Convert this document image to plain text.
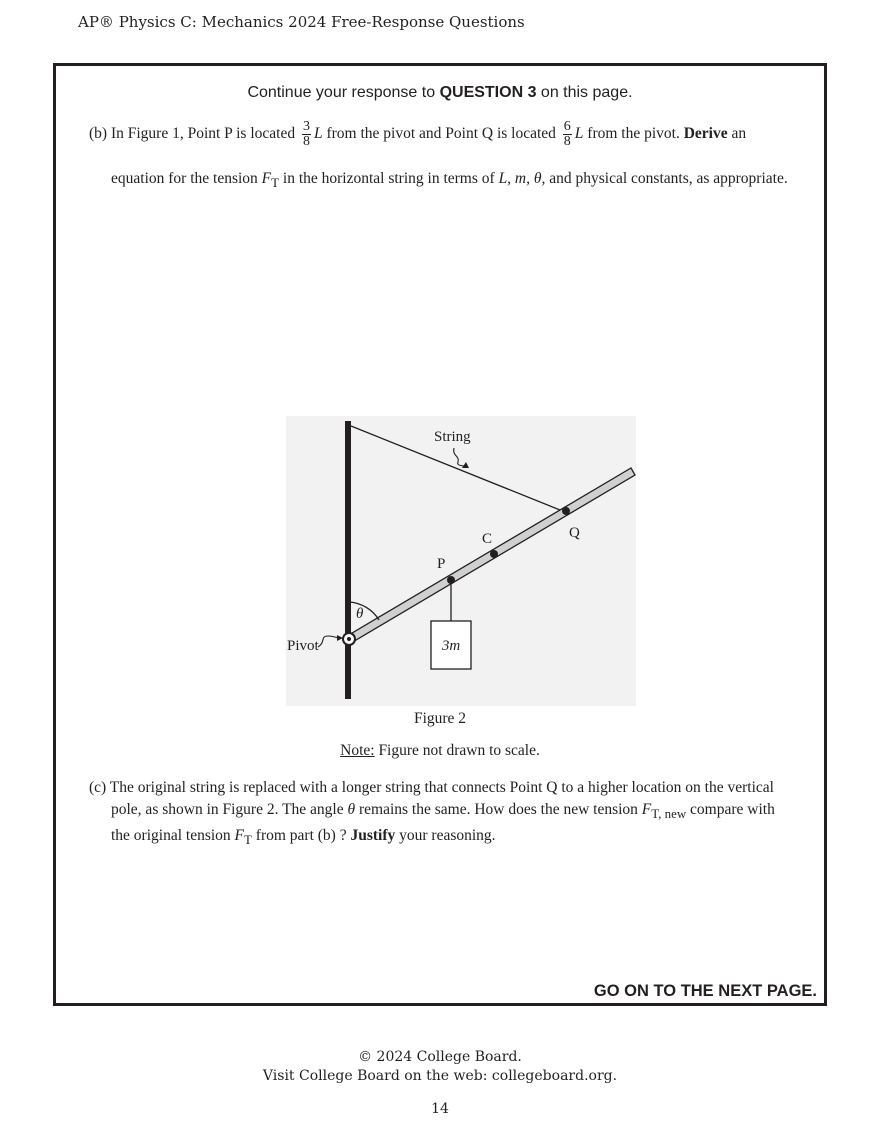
AP® Physics C: Mechanics 2024 Free-Response Questions
Continue your response to QUESTION 3 on this page.
(b) In Figure 1, Point P is located $\frac{3}{8}$ L from the pivot and Point Q is located $\frac{6}{8}$ L from the pivot. Derive an
equation for the tension $F_T$ in the horizontal string in terms of L, m, θ, and physical constants, as appropriate.
String
Q
C
P
θ
Pivot	3m
Figure 2
Note: Figure not drawn to scale.
(c) The original string is replaced with a longer string that connects Point Q to a higher location on the vertical
pole, as shown in Figure 2. The angle θ remains the same. How does the new tension $F_{T, new}$ compare with
the original tension $F_T$ from part (b) ? Justify your reasoning.
GO ON TO THE NEXT PAGE.
© 2024 College Board.
Visit College Board on the web: collegeboard.org.
14
